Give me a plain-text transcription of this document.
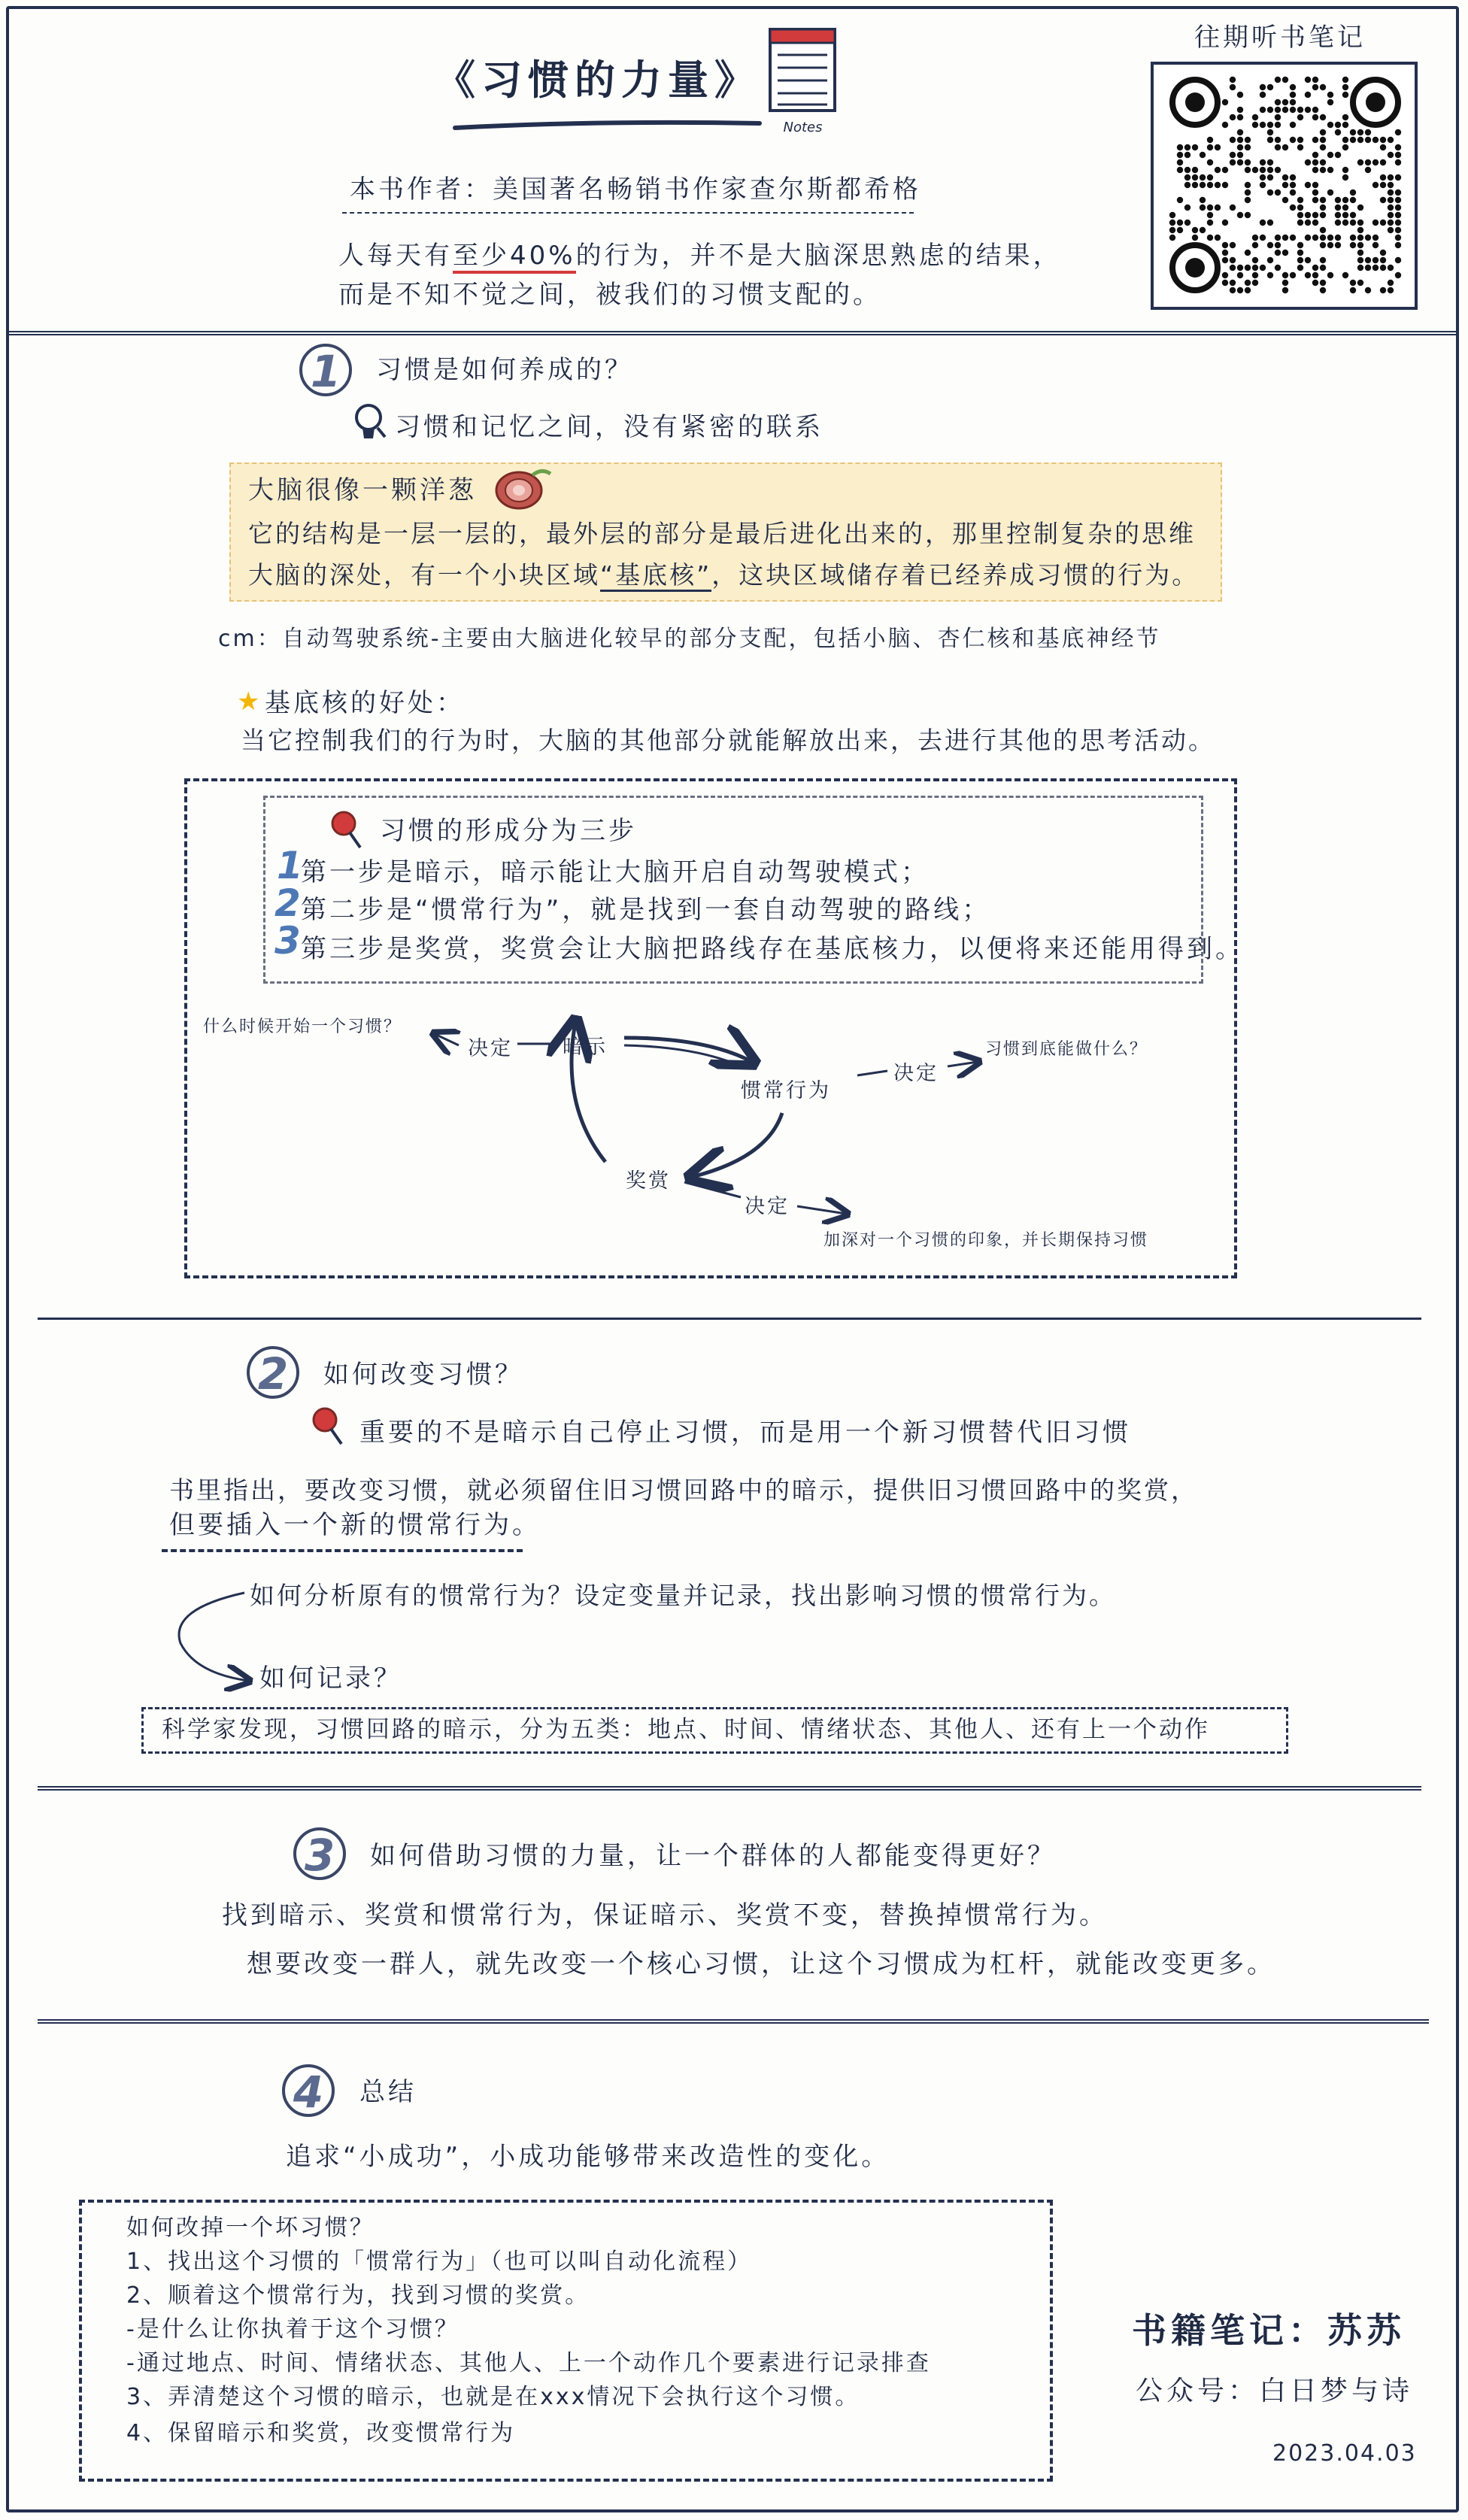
《习惯的力量》
Notes
往期听书笔记
本书作者：美国著名畅销书作家查尔斯都希格
人每天有至少40%的行为，并不是大脑深思熟虑的结果，
而是不知不觉之间，被我们的习惯支配的。
1	习惯是如何养成的？
习惯和记忆之间，没有紧密的联系
大脑很像一颗洋葱
它的结构是一层一层的，最外层的部分是最后进化出来的，那里控制复杂的思维
大脑的深处，有一个小块区域“基底核”，这块区域储存着已经养成习惯的行为。
cm：自动驾驶系统-主要由大脑进化较早的部分支配，包括小脑、杏仁核和基底神经节
★ 基底核的好处：
当它控制我们的行为时，大脑的其他部分就能解放出来，去进行其他的思考活动。
习惯的形成分为三步
1
第一步是暗示，暗示能让大脑开启自动驾驶模式；
2 第二步是“惯常行为”，就是找到一套自动驾驶的路线；
3 第三步是奖赏，奖赏会让大脑把路线存在基底核力，以便将来还能用得到。
什么时候开始一个习惯？
决定 暗示
惯常行为
决定
习惯到底能做什么？
奖赏
决定
加深对一个习惯的印象，并长期保持习惯
2	如何改变习惯？
重要的不是暗示自己停止习惯，而是用一个新习惯替代旧习惯
书里指出，要改变习惯，就必须留住旧习惯回路中的暗示，提供旧习惯回路中的奖赏，
但要插入一个新的惯常行为。
如何分析原有的惯常行为？设定变量并记录，找出影响习惯的惯常行为。
如何记录？
科学家发现，习惯回路的暗示，分为五类：地点、时间、情绪状态、其他人、还有上一个动作
3	如何借助习惯的力量，让一个群体的人都能变得更好？
找到暗示、奖赏和惯常行为，保证暗示、奖赏不变，替换掉惯常行为。
想要改变一群人，就先改变一个核心习惯，让这个习惯成为杠杆，就能改变更多。
4	总结
追求“小成功”，小成功能够带来改造性的变化。
如何改掉一个坏习惯？
1、找出这个习惯的「惯常行为」（也可以叫自动化流程）
2、顺着这个惯常行为，找到习惯的奖赏。
-是什么让你执着于这个习惯？
-通过地点、时间、情绪状态、其他人、上一个动作几个要素进行记录排查
3、弄清楚这个习惯的暗示，也就是在xxx情况下会执行这个习惯。
4、保留暗示和奖赏，改变惯常行为
书籍笔记：苏苏
公众号：白日梦与诗
2023.04.03
